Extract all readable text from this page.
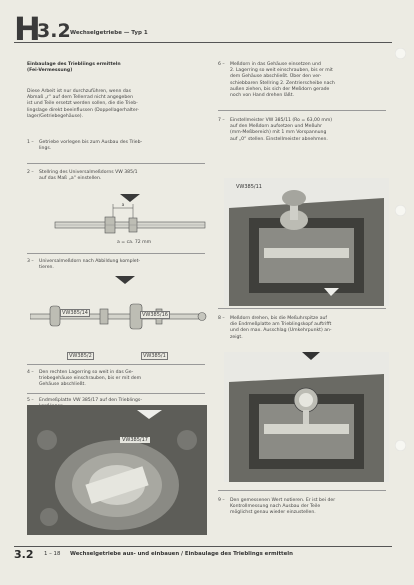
H
3.2 Wechselgetriebe — Typ 1
Einbaulage des Triebliings ermitteln
(Fei-Vermessung)
Diese Arbeit ist nur durchzuführen, wenn das
Abmaß „r“ auf dem Tellerrad nicht angegeben
ist und Teile ersetzt werden sollen, die die Trieb-
lingslage direkt beeinflussen (Doppellagerhalter-
lager/Getriebegehäuse).
1 – Getriebe vorlegen bis zum Ausbau des Trieb-
lings.
2 – Stellring des Universalmeßdorns VW 385/1
auf das Maß „a“ einstellen.
a
a = ca. 72 mm
3 – Universalmeßdorn nach Abbildung komplet-
tieren.
VW385/14	VW385/16
VW385/2	VW385/1
4 – Den rechten Lagerring so weit in das Ge-
triebegehäuse einschrauben, bis er mit dem
Gehäuse abschließt.
5 – Endmeßplatte VW 385/17 auf den Trieblings-

VW385/17
6 – Meßdorn in das Gehäuse einsetzen und
2. Lagerring so weit einschrauben, bis er mit
dem Gehäuse abschließt. Über den ver-
schiebbaren Stellring 2. Zentrierscheibe nach
außen ziehen, bis sich der Meßdorn gerade
noch von Hand drehen läßt.
7 – Einstellmeister VW 385/11 (Ro = 63,00 mm)
auf den Meßdorn aufsetzen und Meßuhr
(mm-Meßbereich) mit 1 mm Vorspannung
auf „0“ stellen. Einstellmeister abnehmen.
VW385/11
8 – Meßdorn drehen, bis die Meßuhrspitze auf
die Endmeßplatte am Trieblingskopf auftrifft
und den max. Ausschlag (Umkehrpunkt) an-
zeigt.
9 – Den gemessenen Wert notieren. Er ist bei der
Kontrollmessung nach Ausbau der Teile
möglichst genau wieder einzustellen.
3.2 1 – 18 Wechselgetriebe aus- und einbauen / Einbaulage des Trieblings ermitteln
